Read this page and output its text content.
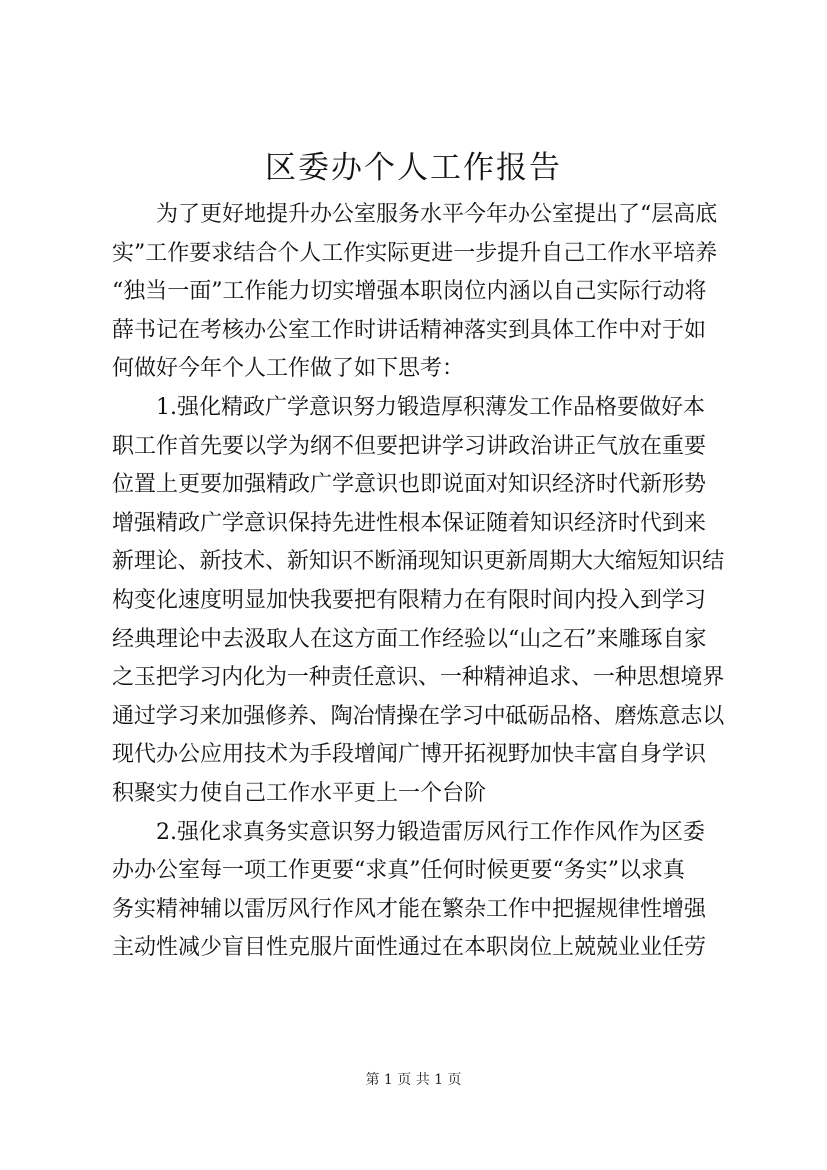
区委办个人工作报告
为了更好地提升办公室服务水平今年办公室提出了“层高底
实”工作要求结合个人工作实际更进一步提升自己工作水平培养
“独当一面”工作能力切实增强本职岗位内涵以自己实际行动将
薛书记在考核办公室工作时讲话精神落实到具体工作中对于如
何做好今年个人工作做了如下思考：
1.强化精政广学意识努力锻造厚积薄发工作品格要做好本
职工作首先要以学为纲不但要把讲学习讲政治讲正气放在重要
位置上更要加强精政广学意识也即说面对知识经济时代新形势
增强精政广学意识保持先进性根本保证随着知识经济时代到来
新理论、新技术、新知识不断涌现知识更新周期大大缩短知识结
构变化速度明显加快我要把有限精力在有限时间内投入到学习
经典理论中去汲取人在这方面工作经验以“山之石”来雕琢自家
之玉把学习内化为一种责任意识、一种精神追求、一种思想境界
通过学习来加强修养、陶冶情操在学习中砥砺品格、磨炼意志以
现代办公应用技术为手段增闻广博开拓视野加快丰富自身学识
积聚实力使自己工作水平更上一个台阶
2.强化求真务实意识努力锻造雷厉风行工作作风作为区委
办办公室每一项工作更要“求真”任何时候更要“务实”以求真
务实精神辅以雷厉风行作风才能在繁杂工作中把握规律性增强
主动性减少盲目性克服片面性通过在本职岗位上兢兢业业任劳
第 1 页 共 1 页
